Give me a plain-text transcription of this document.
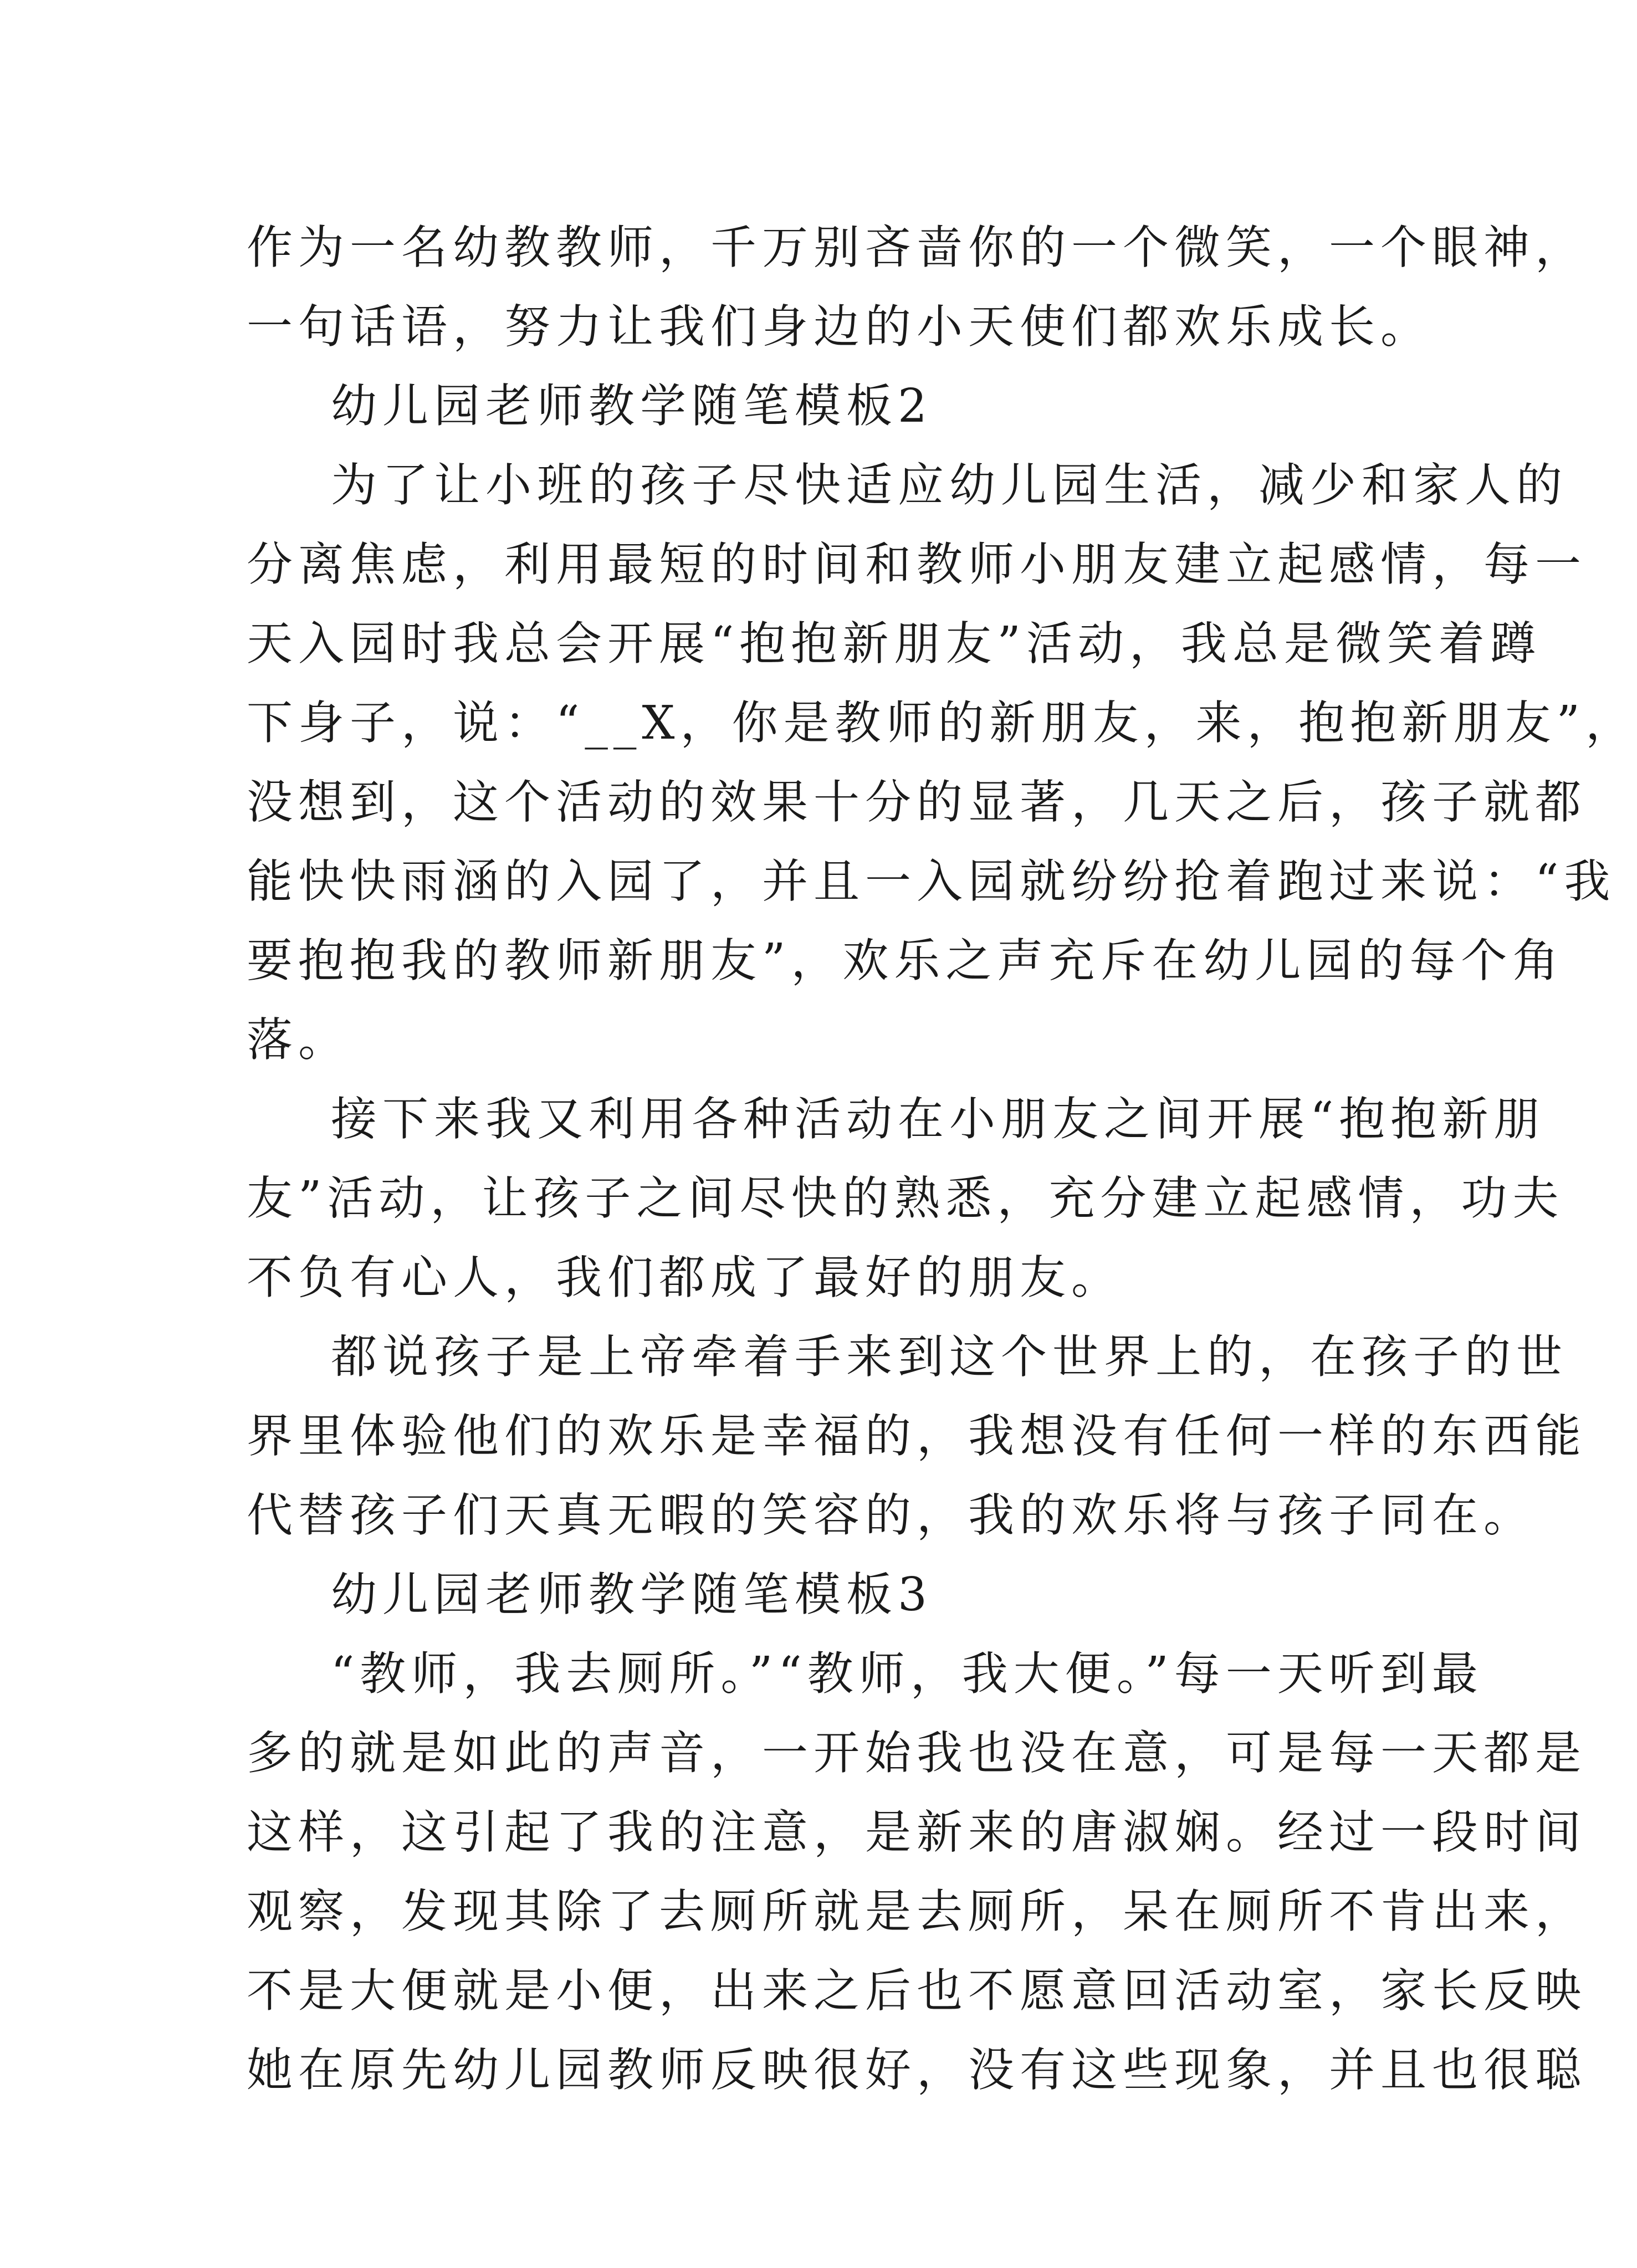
作为一名幼教教师，千万别吝啬你的一个微笑，一个眼神，
一句话语，努力让我们身边的小天使们都欢乐成长。
幼儿园老师教学随笔模板2
为了让小班的孩子尽快适应幼儿园生活，减少和家人的
分离焦虑，利用最短的时间和教师小朋友建立起感情，每一
天入园时我总会开展“抱抱新朋友”活动，我总是微笑着蹲
下身子，说：“__X，你是教师的新朋友，来，抱抱新朋友”，
没想到，这个活动的效果十分的显著，几天之后，孩子就都
能快快雨涵的入园了，并且一入园就纷纷抢着跑过来说：“我
要抱抱我的教师新朋友”，欢乐之声充斥在幼儿园的每个角
落。
接下来我又利用各种活动在小朋友之间开展“抱抱新朋
友”活动，让孩子之间尽快的熟悉，充分建立起感情，功夫
不负有心人，我们都成了最好的朋友。
都说孩子是上帝牵着手来到这个世界上的，在孩子的世
界里体验他们的欢乐是幸福的，我想没有任何一样的东西能
代替孩子们天真无暇的笑容的，我的欢乐将与孩子同在。
幼儿园老师教学随笔模板3
“教师，我去厕所。”“教师，我大便。”每一天听到最
多的就是如此的声音，一开始我也没在意，可是每一天都是
这样，这引起了我的注意，是新来的唐淑娴。经过一段时间
观察，发现其除了去厕所就是去厕所，呆在厕所不肯出来，
不是大便就是小便，出来之后也不愿意回活动室，家长反映
她在原先幼儿园教师反映很好，没有这些现象，并且也很聪
